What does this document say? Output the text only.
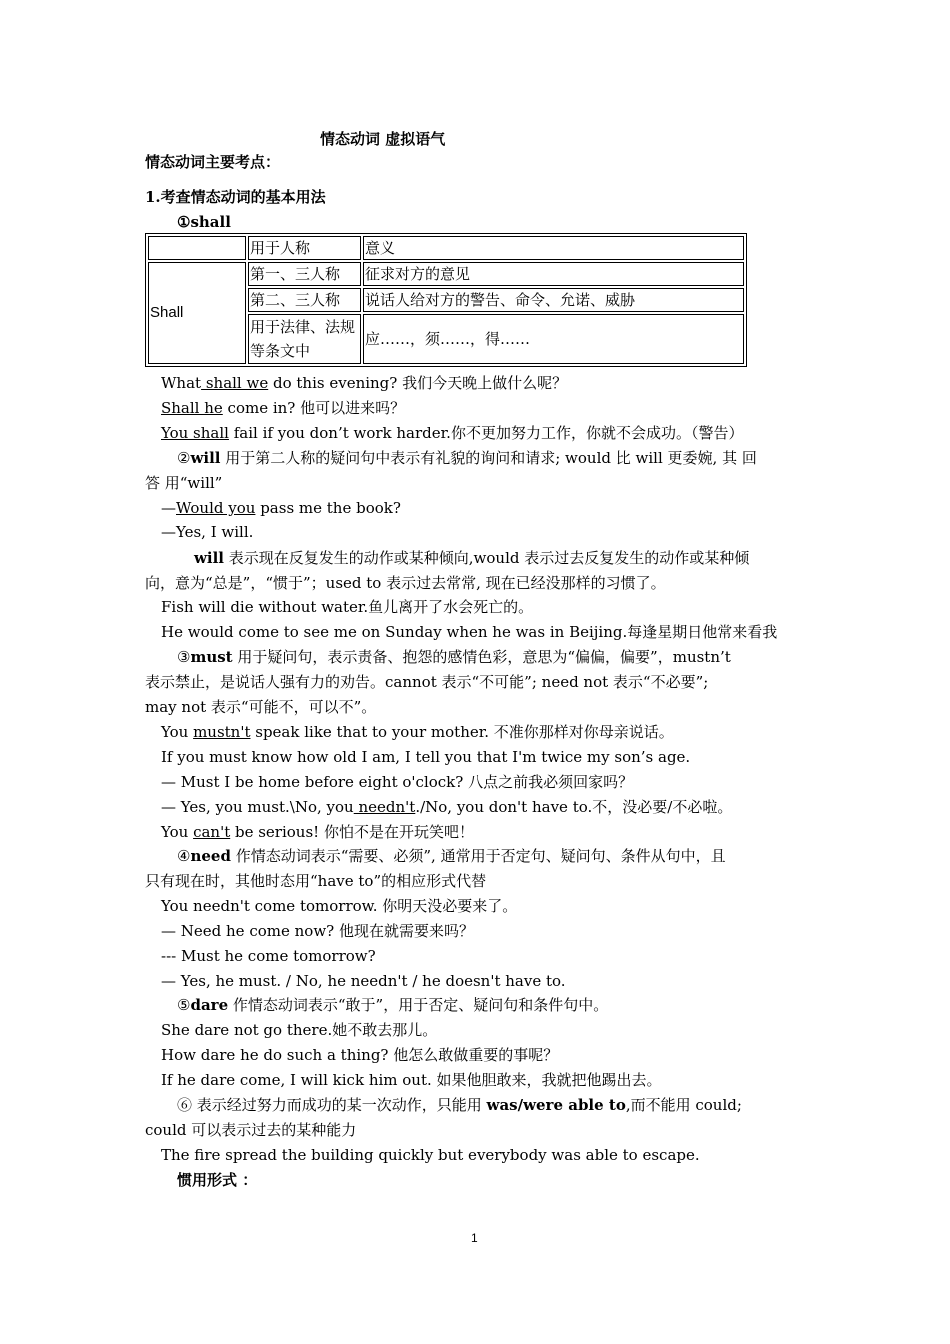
情态动词 虚拟语气
情态动词主要考点：
1.考查情态动词的基本用法
①shall
	用于人称	意义
Shall	第一、三人称	征求对方的意见
	第二、三人称	说话人给对方的警告、命令、允诺、威胁
	用于法律、法规等条文中	应……，须……，得……
What shall we do this evening? 我们今天晚上做什么呢？
Shall he come in? 他可以进来吗？
You shall fail if you don’t work harder.你不更加努力工作，你就不会成功。（警告）
②will 用于第二人称的疑问句中表示有礼貌的询问和请求; would 比 will 更委婉, 其 回
答 用“will”
—Would you pass me the book?
—Yes, I will.
will 表示现在反复发生的动作或某种倾向,would 表示过去反复发生的动作或某种倾
向，意为“总是”，“惯于”；used to 表示过去常常, 现在已经没那样的习惯了。
Fish will die without water.鱼儿离开了水会死亡的。
He would come to see me on Sunday when he was in Beijing.每逢星期日他常来看我
③must 用于疑问句，表示责备、抱怨的感情色彩，意思为“偏偏，偏要”，mustn’t
表示禁止，是说话人强有力的劝告。cannot 表示“不可能”; need not 表示“不必要”;
may not 表示“可能不，可以不”。
You mustn't speak like that to your mother. 不准你那样对你母亲说话。
If you must know how old I am, I tell you that I'm twice my son’s age.
— Must I be home before eight o'clock? 八点之前我必须回家吗？
— Yes, you must.\No, you needn't./No, you don't have to.不，没必要/不必啦。
You can't be serious! 你怕不是在开玩笑吧！
④need 作情态动词表示“需要、必须”, 通常用于否定句、疑问句、条件从句中，且
只有现在时，其他时态用“have to”的相应形式代替
You needn't come tomorrow. 你明天没必要来了。
— Need he come now? 他现在就需要来吗？
--- Must he come tomorrow?
— Yes, he must. / No, he needn't / he doesn't have to.
⑤dare 作情态动词表示“敢于”，用于否定、疑问句和条件句中。
She dare not go there.她不敢去那儿。
How dare he do such a thing? 他怎么敢做重要的事呢？
If he dare come, I will kick him out. 如果他胆敢来，我就把他踢出去。
⑥ 表示经过努力而成功的某一次动作，只能用 was/were able to,而不能用 could;
could 可以表示过去的某种能力
The fire spread the building quickly but everybody was able to escape.
惯用形式 ：
1
